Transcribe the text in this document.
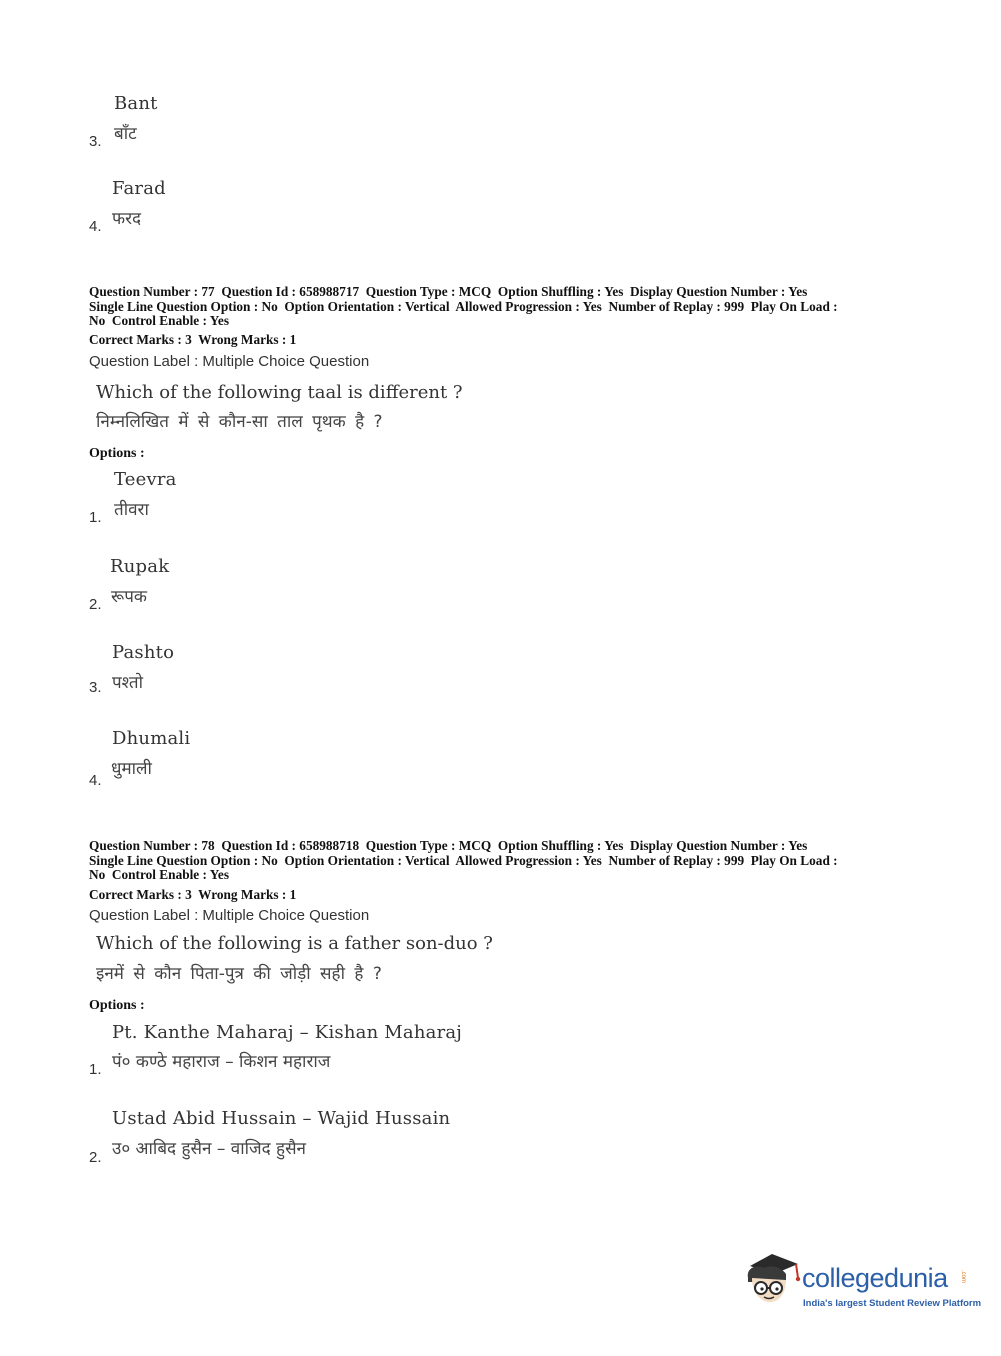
Bant
बाँट
3.
Farad
फरद
4.
Question Number : 77  Question Id : 658988717  Question Type : MCQ  Option Shuffling : Yes  Display Question Number : Yes
Single Line Question Option : No  Option Orientation : Vertical  Allowed Progression : Yes  Number of Replay : 999  Play On Load :
No  Control Enable : Yes
Correct Marks : 3  Wrong Marks : 1
Question Label : Multiple Choice Question
Which of the following taal is different ?
निम्नलिखित में से कौन-सा ताल पृथक है ?
Options :
Teevra
तीवरा
1.
Rupak
रूपक
2.
Pashto
पश्तो
3.
Dhumali
धुमाली
4.
Question Number : 78  Question Id : 658988718  Question Type : MCQ  Option Shuffling : Yes  Display Question Number : Yes
Single Line Question Option : No  Option Orientation : Vertical  Allowed Progression : Yes  Number of Replay : 999  Play On Load :
No  Control Enable : Yes
Correct Marks : 3  Wrong Marks : 1
Question Label : Multiple Choice Question
Which of the following is a father son-duo ?
इनमें से कौन पिता-पुत्र की जोड़ी सही है ?
Options :
Pt. Kanthe Maharaj – Kishan Maharaj
पं० कण्ठे महाराज – किशन महाराज
1.
Ustad Abid Hussain – Wajid Hussain
उ० आबिद हुसैन – वाजिद हुसैन
2.
collegedunia .com
India's largest Student Review Platform
